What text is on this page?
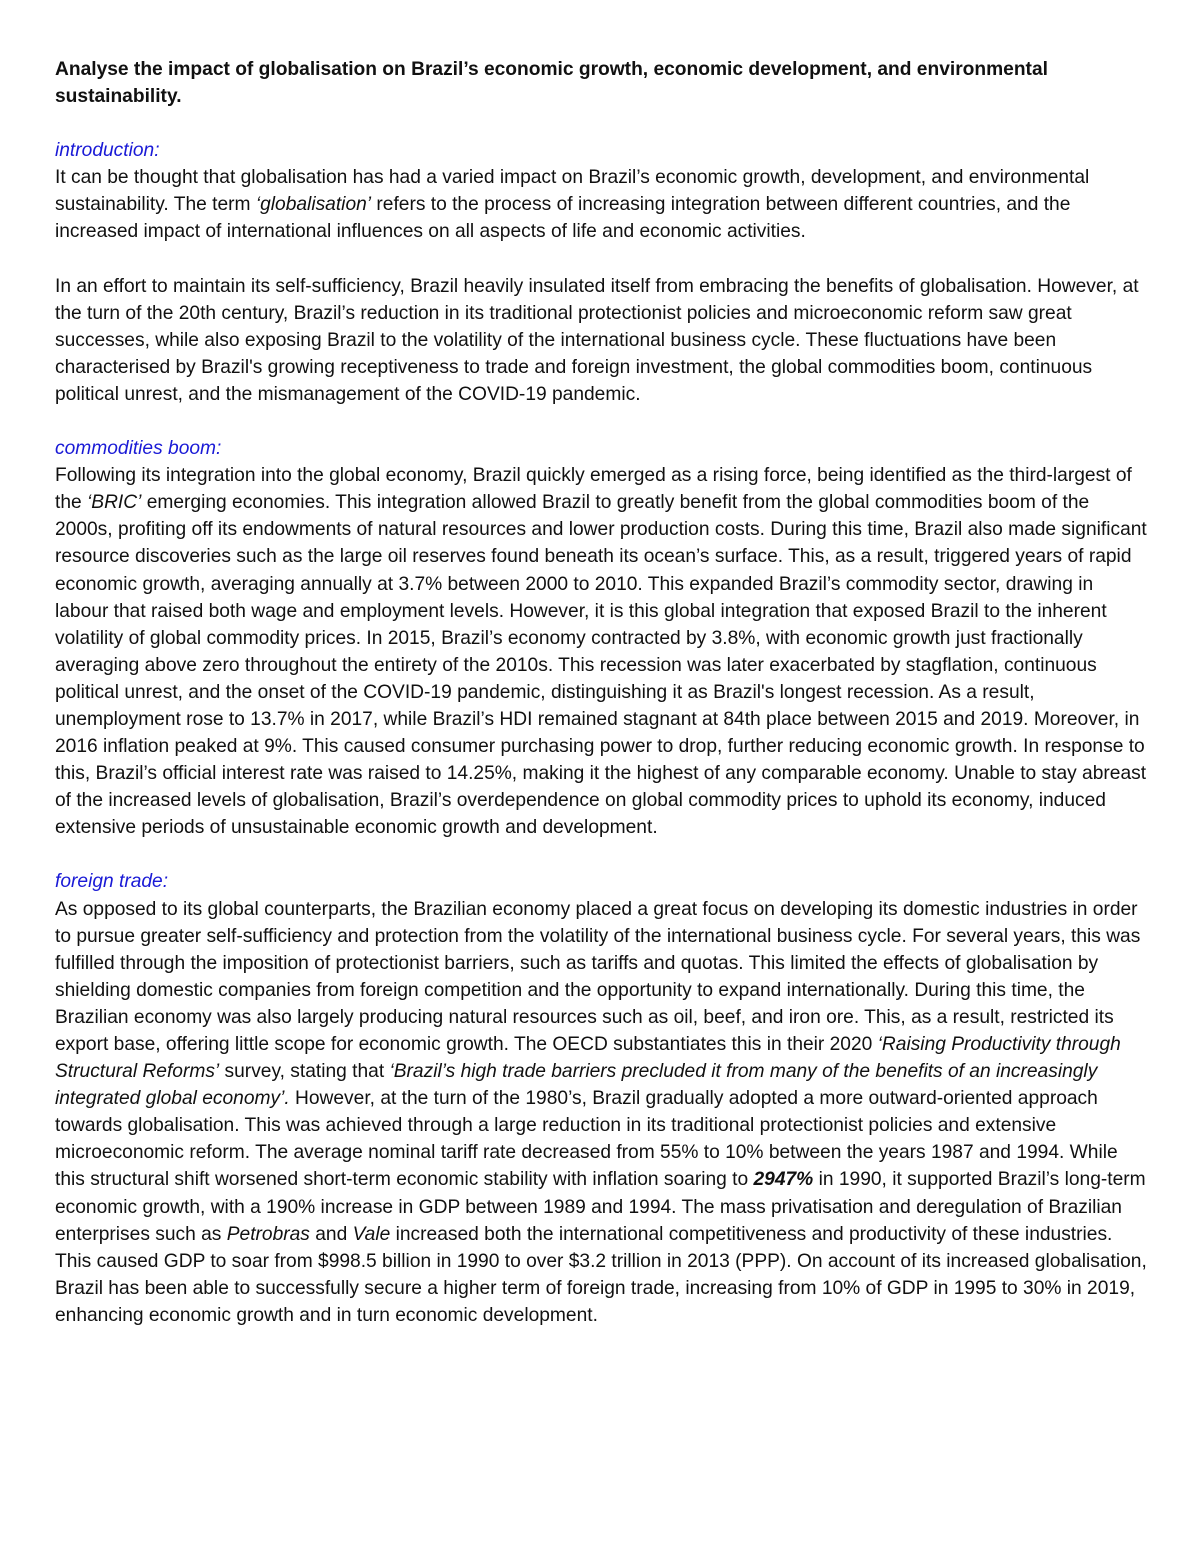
Analyse the impact of globalisation on Brazil’s economic growth, economic development, and environmental sustainability.

introduction:

It can be thought that globalisation has had a varied impact on Brazil’s economic growth, development, and environmental sustainability. The term ‘globalisation’ refers to the process of increasing integration between different countries, and the increased impact of international influences on all aspects of life and economic activities.

In an effort to maintain its self-sufficiency, Brazil heavily insulated itself from embracing the benefits of globalisation. However, at the turn of the 20th century, Brazil’s reduction in its traditional protectionist policies and microeconomic reform saw great successes, while also exposing Brazil to the volatility of the international business cycle. These fluctuations have been characterised by Brazil's growing receptiveness to trade and foreign investment, the global commodities boom, continuous political unrest, and the mismanagement of the COVID-19 pandemic.

commodities boom:

Following its integration into the global economy, Brazil quickly emerged as a rising force, being identified as the third-largest of the ‘BRIC’ emerging economies. This integration allowed Brazil to greatly benefit from the global commodities boom of the 2000s, profiting off its endowments of natural resources and lower production costs. During this time, Brazil also made significant resource discoveries such as the large oil reserves found beneath its ocean’s surface. This, as a result, triggered years of rapid economic growth, averaging annually at 3.7% between 2000 to 2010. This expanded Brazil’s commodity sector, drawing in labour that raised both wage and employment levels. However, it is this global integration that exposed Brazil to the inherent volatility of global commodity prices. In 2015, Brazil’s economy contracted by 3.8%, with economic growth just fractionally averaging above zero throughout the entirety of the 2010s. This recession was later exacerbated by stagflation, continuous political unrest, and the onset of the COVID-19 pandemic, distinguishing it as Brazil's longest recession. As a result, unemployment rose to 13.7% in 2017, while Brazil’s HDI remained stagnant at 84th place between 2015 and 2019. Moreover, in 2016 inflation peaked at 9%. This caused consumer purchasing power to drop, further reducing economic growth. In response to this, Brazil’s official interest rate was raised to 14.25%, making it the highest of any comparable economy. Unable to stay abreast of the increased levels of globalisation, Brazil’s overdependence on global commodity prices to uphold its economy, induced extensive periods of unsustainable economic growth and development.

foreign trade:

As opposed to its global counterparts, the Brazilian economy placed a great focus on developing its domestic industries in order to pursue greater self-sufficiency and protection from the volatility of the international business cycle. For several years, this was fulfilled through the imposition of protectionist barriers, such as tariffs and quotas. This limited the effects of globalisation by shielding domestic companies from foreign competition and the opportunity to expand internationally. During this time, the Brazilian economy was also largely producing natural resources such as oil, beef, and iron ore. This, as a result, restricted its export base, offering little scope for economic growth. The OECD substantiates this in their 2020 ‘Raising Productivity through Structural Reforms’ survey, stating that ‘Brazil’s high trade barriers precluded it from many of the benefits of an increasingly integrated global economy’. However, at the turn of the 1980’s, Brazil gradually adopted a more outward-oriented approach towards globalisation. This was achieved through a large reduction in its traditional protectionist policies and extensive microeconomic reform. The average nominal tariff rate decreased from 55% to 10% between the years 1987 and 1994. While this structural shift worsened short-term economic stability with inflation soaring to 2947% in 1990, it supported Brazil’s long-term economic growth, with a 190% increase in GDP between 1989 and 1994. The mass privatisation and deregulation of Brazilian enterprises such as Petrobras and Vale increased both the international competitiveness and productivity of these industries. This caused GDP to soar from $998.5 billion in 1990 to over $3.2 trillion in 2013 (PPP). On account of its increased globalisation, Brazil has been able to successfully secure a higher term of foreign trade, increasing from 10% of GDP in 1995 to 30% in 2019, enhancing economic growth and in turn economic development.
